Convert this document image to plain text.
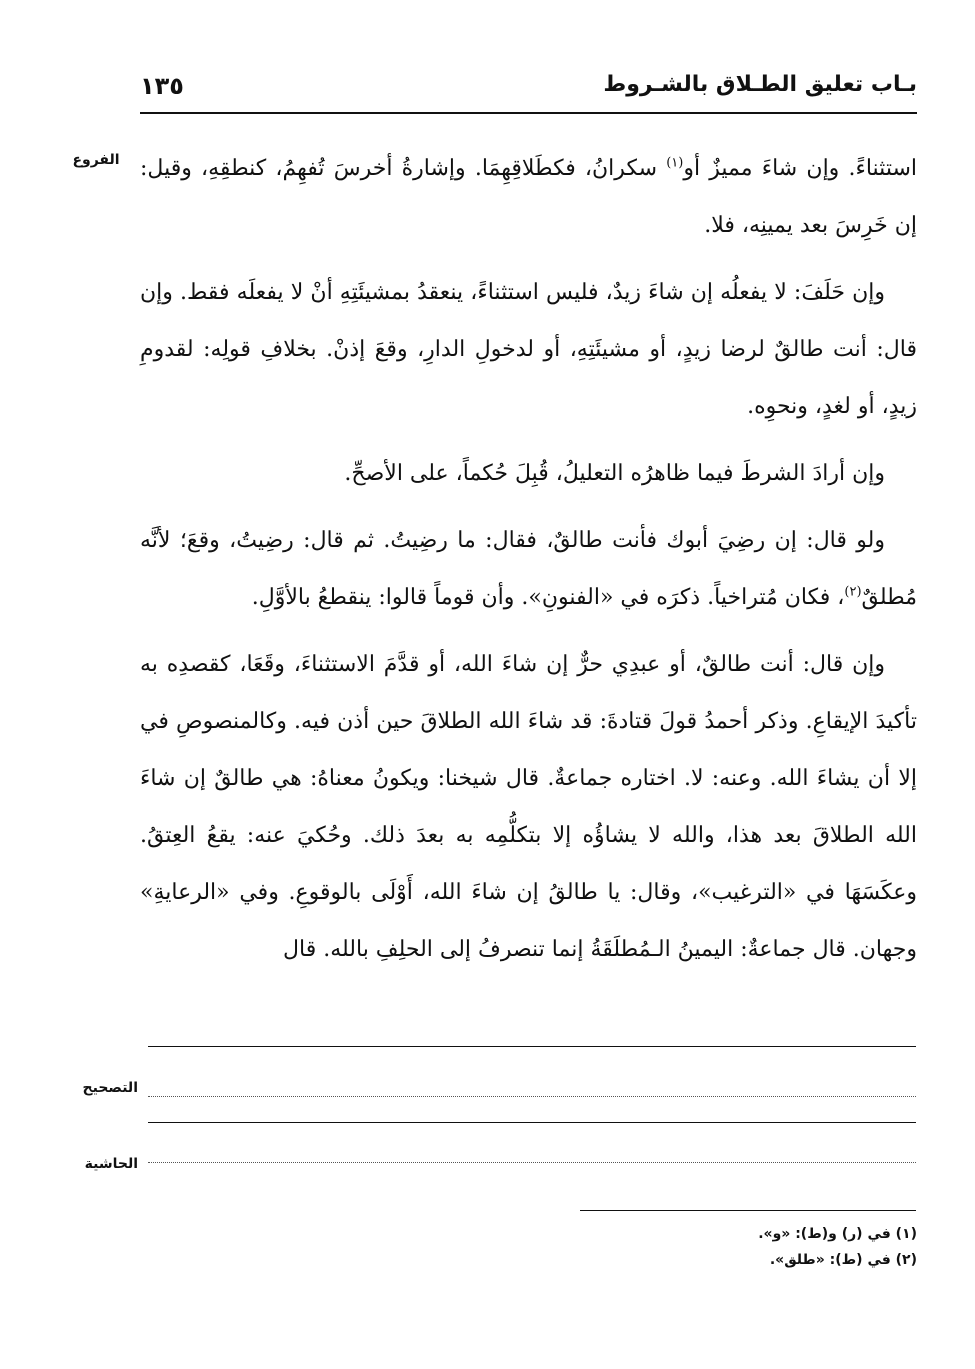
بـاب تعليق الطـلاق بالشـروط
١٣٥
الفروع	استثناءً. وإن شاءَ مميزٌ أو$^{(١)}$ سكرانُ، فكطَلاقِهِمَا. وإشارةُ أخرسَ تُفهِمُ، كنطقِهِ، وقيل: إن خَرِسَ بعد يمينِه، فلا.

وإن حَلَفَ: لا يفعلُه إن شاءَ زيدٌ، فليس استثناءً، ينعقدُ بمشيئَتِهِ أنْ لا يفعلَه فقط. وإن قال: أنت طالقٌ لرضا زيدٍ، أو مشيئَتِهِ، أو لدخولِ الدارِ، وقعَ إذنْ. بخلافِ قولِه: لقدومِ زيدٍ، أو لغدٍ، ونحوِه.

وإن أرادَ الشرطَ فيما ظاهرُه التعليلُ، قُبِلَ حُكماً، على الأصحِّ.

ولو قال: إن رضِيَ أبوك فأنت طالقٌ، فقال: ما رضِيتُ. ثم قال: رضِيتُ، وقعَ؛ لأنَّه مُطلقٌ$^{(٢)}$، فكان مُتراخياً. ذكرَه في «الفنونِ». وأن قوماً قالوا: ينقطعُ بالأوَّلِ.

وإن قال: أنت طالقٌ، أو عبدِي حرٌّ إن شاءَ الله، أو قدَّمَ الاستثناءَ، وقَعَا، كقصدِه به تأكيدَ الإيقاعِ. وذكر أحمدُ قولَ قتادةَ: قد شاءَ الله الطلاقَ حين أذن فيه. وكالمنصوصِ في إلا أن يشاءَ الله. وعنه: لا. اختاره جماعةٌ. قال شيخنا: ويكونُ معناهُ: هي طالقٌ إن شاءَ الله الطلاقَ بعد هذا، والله لا يشاؤُه إلا بتكلُّمِه به بعدَ ذلك. وحُكيَ عنه: يقعُ العِتقُ. وعكَسَهَا في «الترغيب»، وقال: يا طالقُ إن شاءَ الله، أَوْلَى بالوقوعِ. وفي «الرعايةِ» وجهان. قال جماعةٌ: اليمينُ الـمُطلَقَةُ إنما تنصرفُ إلى الحلِفِ بالله. قال

التصحيح
الحاشية
(١) في (ر) و(ط): «و».
(٢) في (ط): «طلق».
